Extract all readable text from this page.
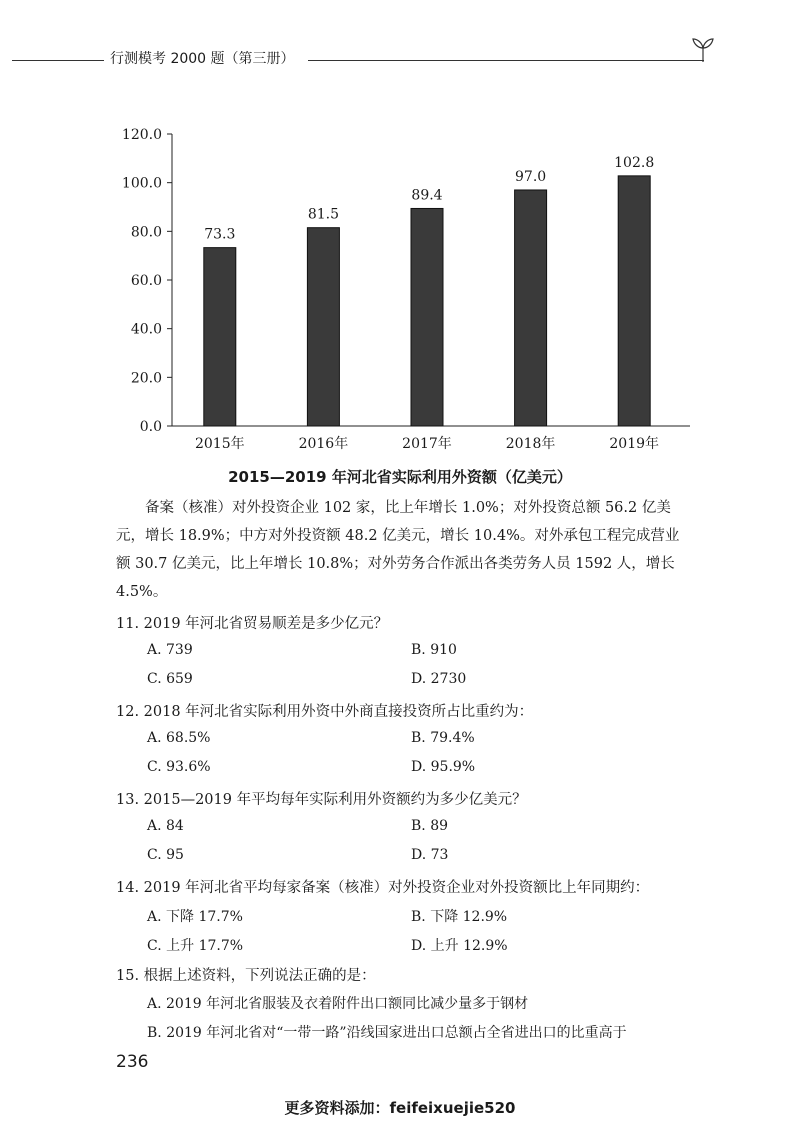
行测模考 2000 题（第三册）
0.0
20.0
40.0
60.0
80.0
100.0
120.0
73.3
2015年
81.5
2016年
89.4
2017年
97.0
2018年
102.8
2019年
2015—2019 年河北省实际利用外资额（亿美元）
备案（核准）对外投资企业 102 家，比上年增长 1.0%；对外投资总额 56.2 亿美
元，增长 18.9%；中方对外投资额 48.2 亿美元，增长 10.4%。对外承包工程完成营业
额 30.7 亿美元，比上年增长 10.8%；对外劳务合作派出各类劳务人员 1592 人，增长
4.5%。
11. 2019 年河北省贸易顺差是多少亿元？
A. 739	B. 910
C. 659	D. 2730
12. 2018 年河北省实际利用外资中外商直接投资所占比重约为：
A. 68.5%	B. 79.4%
C. 93.6%	D. 95.9%
13. 2015—2019 年平均每年实际利用外资额约为多少亿美元？
A. 84	B. 89
C. 95	D. 73
14. 2019 年河北省平均每家备案（核准）对外投资企业对外投资额比上年同期约：
A. 下降 17.7%	B. 下降 12.9%
C. 上升 17.7%	D. 上升 12.9%
15. 根据上述资料，下列说法正确的是：
A. 2019 年河北省服装及衣着附件出口额同比减少量多于钢材
B. 2019 年河北省对“一带一路”沿线国家进出口总额占全省进出口的比重高于
236
更多资料添加：feifeixuejie520
